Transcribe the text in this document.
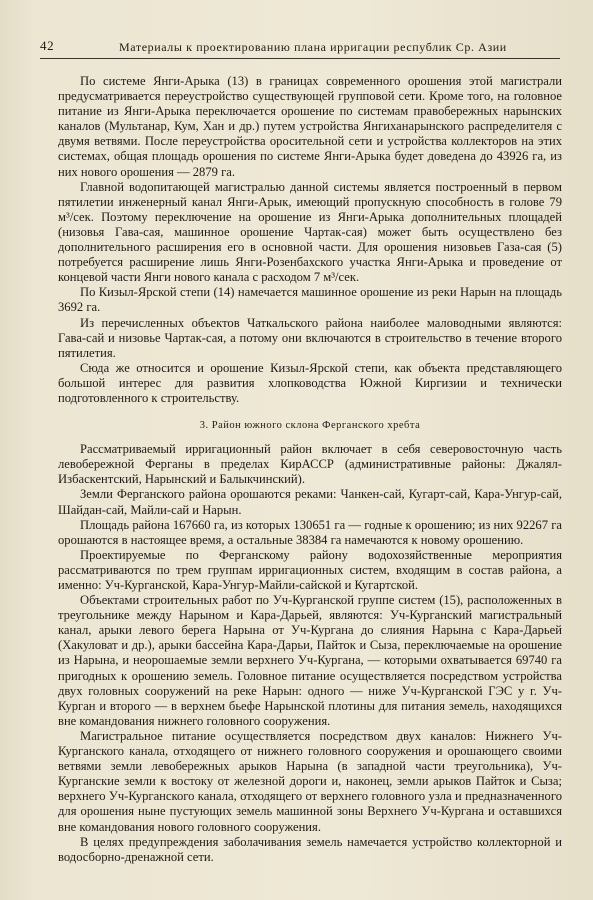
42	Материалы к проектированию плана ирригации республик Ср. Азии

По системе Янги-Арыка (13) в границах современного орошения этой магистрали предусматривается переустройство существующей групповой сети. Кроме того, на головное питание из Янги-Арыка переключается орошение по системам правобережных нарынских каналов (Мультанар, Кум, Хан и др.) путем устройства Янгиханарынского распределителя с двумя ветвями. После переустройства оросительной сети и устройства коллекторов на этих системах, общая площадь орошения по системе Янги-Арыка будет доведена до 43926 га, из них нового орошения — 2879 га.

Главной водопитающей магистралью данной системы является построенный в первом пятилетии инженерный канал Янги-Арык, имеющий пропускную способность в голове 79 м³/сек. Поэтому переключение на орошение из Янги-Арыка дополнительных площадей (низовья Гава-сая, машинное орошение Чартак-сая) может быть осуществлено без дополнительного расширения его в основной части. Для орошения низовьев Газа-сая (5) потребуется расширение лишь Янги-Розенбахского участка Янги-Арыка и проведение от концевой части Янги нового канала с расходом 7 м³/сек.

По Кизыл-Ярской степи (14) намечается машинное орошение из реки Нарын на площадь 3692 га.

Из перечисленных объектов Чаткальского района наиболее маловодными являются: Гава-сай и низовье Чартак-сая, а потому они включаются в строительство в течение второго пятилетия.

Сюда же относится и орошение Кизыл-Ярской степи, как объекта представляющего большой интерес для развития хлопководства Южной Киргизии и технически подготовленного к строительству.

3. Район южного склона Ферганского хребта

Рассматриваемый ирригационный район включает в себя северовосточную часть левобережной Ферганы в пределах КирАССР (административные районы: Джалял-Избаскентский, Нарынский и Балыкчинский).

Земли Ферганского района орошаются реками: Чанкен-сай, Кугарт-сай, Кара-Унгур-сай, Шайдан-сай, Майли-сай и Нарын.

Площадь района 167660 га, из которых 130651 га — годные к орошению; из них 92267 га орошаются в настоящее время, а остальные 38384 га намечаются к новому орошению.

Проектируемые по Ферганскому району водохозяйственные мероприятия рассматриваются по трем группам ирригационных систем, входящим в состав района, а именно: Уч-Курганской, Кара-Унгур-Майли-сайской и Кугартской.

Объектами строительных работ по Уч-Курганской группе систем (15), расположенных в треугольнике между Нарыном и Кара-Дарьей, являются: Уч-Курганский магистральный канал, арыки левого берега Нарына от Уч-Кургана до слияния Нарына с Кара-Дарьей (Хакуловат и др.), арыки бассейна Кара-Дарьи, Пайток и Сыза, переключаемые на орошение из Нарына, и неорошаемые земли верхнего Уч-Кургана, — которыми охватывается 69740 га пригодных к орошению земель. Головное питание осуществляется посредством устройства двух головных сооружений на реке Нарын: одного — ниже Уч-Курганской ГЭС у г. Уч-Курган и второго — в верхнем бьефе Нарынской плотины для питания земель, находящихся вне командования нижнего головного сооружения.

Магистральное питание осуществляется посредством двух каналов: Нижнего Уч-Курганского канала, отходящего от нижнего головного сооружения и орошающего своими ветвями земли левобережных арыков Нарына (в западной части треугольника), Уч-Курганские земли к востоку от железной дороги и, наконец, земли арыков Пайток и Сыза; верхнего Уч-Курганского канала, отходящего от верхнего головного узла и предназначенного для орошения ныне пустующих земель машинной зоны Верхнего Уч-Кургана и оставшихся вне командования нового головного сооружения.

В целях предупреждения заболачивания земель намечается устройство коллекторной и водосборно-дренажной сети.
